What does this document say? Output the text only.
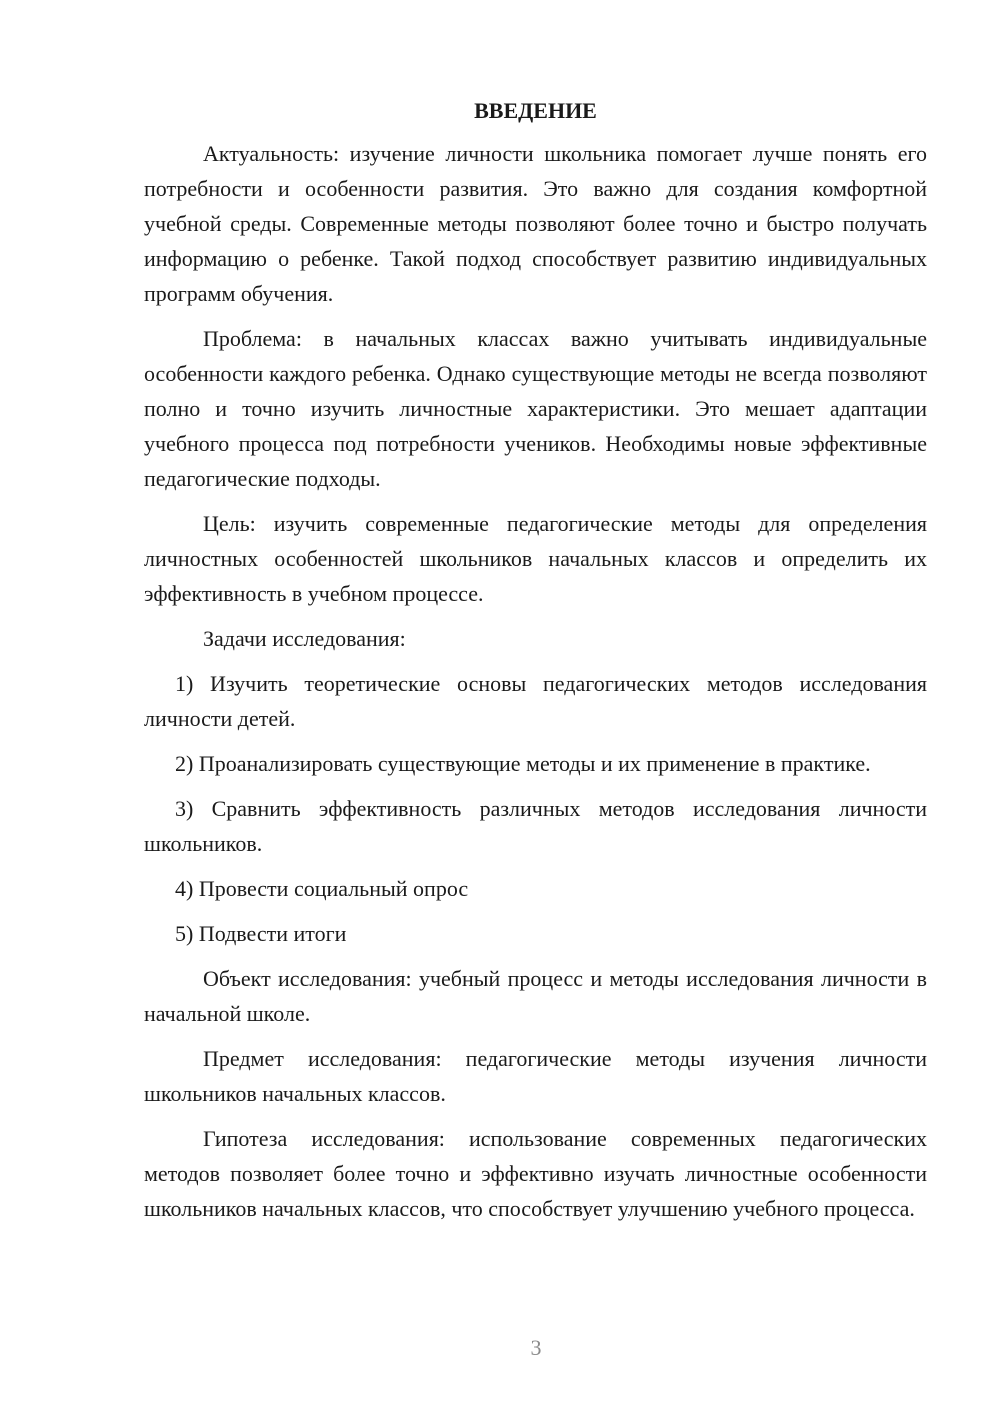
ВВЕДЕНИЕ

Актуальность: изучение личности школьника помогает лучше понять его потребности и особенности развития. Это важно для создания комфортной учебной среды. Современные методы позволяют более точно и быстро получать информацию о ребенке. Такой подход способствует развитию индивидуальных программ обучения.

Проблема: в начальных классах важно учитывать индивидуальные особенности каждого ребенка. Однако существующие методы не всегда позволяют полно и точно изучить личностные характеристики. Это мешает адаптации учебного процесса под потребности учеников. Необходимы новые эффективные педагогические подходы.

Цель: изучить современные педагогические методы для определения личностных особенностей школьников начальных классов и определить их эффективность в учебном процессе.

Задачи исследования:

1) Изучить теоретические основы педагогических методов исследования личности детей.

2) Проанализировать существующие методы и их применение в практике.

3) Сравнить эффективность различных методов исследования личности школьников.

4) Провести социальный опрос

5) Подвести итоги

Объект исследования: учебный процесс и методы исследования личности в начальной школе.

Предмет исследования: педагогические методы изучения личности школьников начальных классов.

Гипотеза исследования: использование современных педагогических методов позволяет более точно и эффективно изучать личностные особенности школьников начальных классов, что способствует улучшению учебного процесса.

3
